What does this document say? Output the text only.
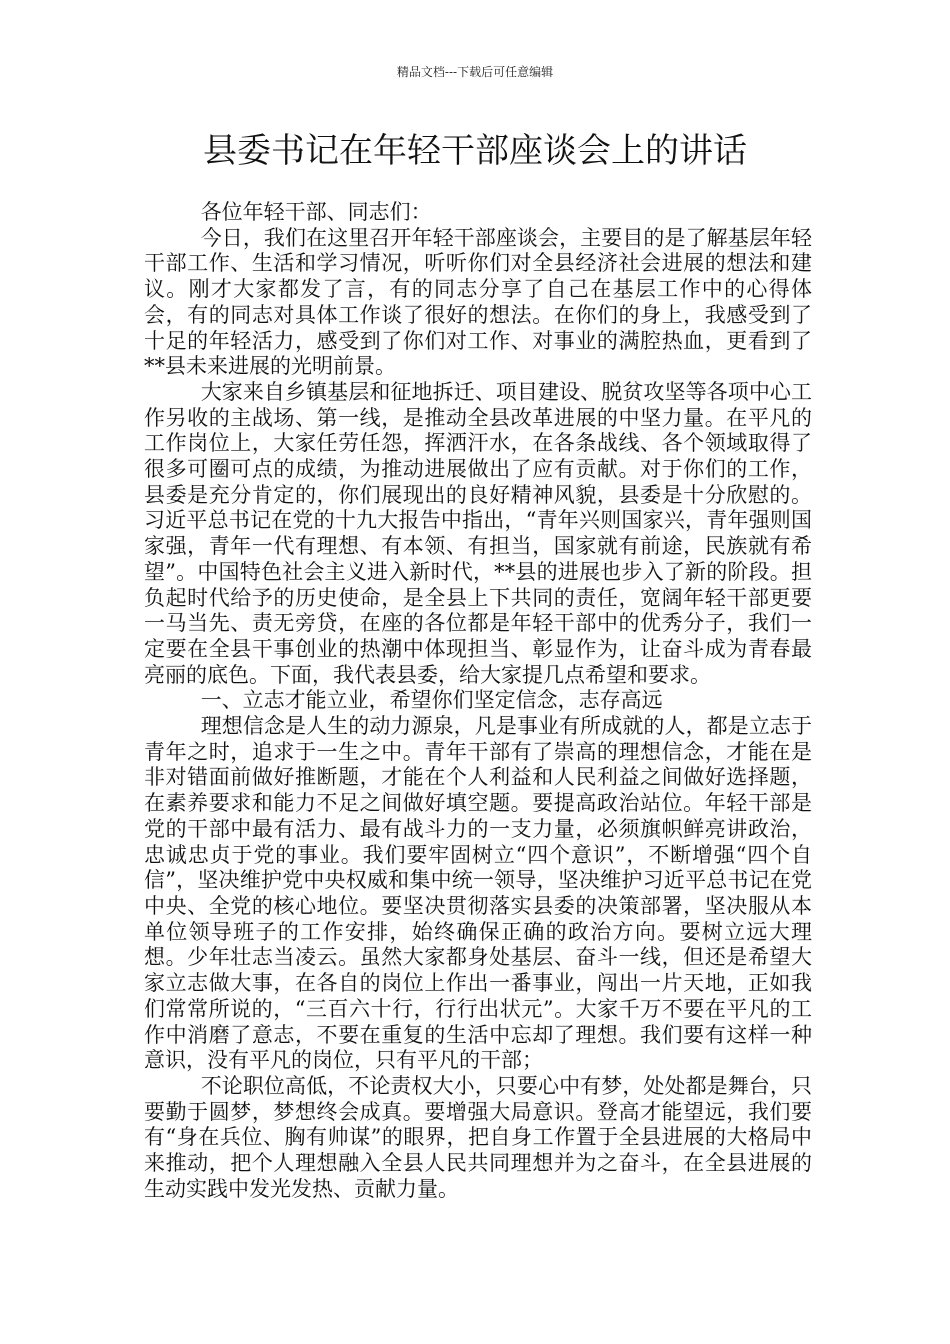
精品文档---下载后可任意编辑
县委书记在年轻干部座谈会上的讲话

各位年轻干部、同志们：

今日，我们在这里召开年轻干部座谈会，主要目的是了解基层年轻干部工作、生活和学习情况，听听你们对全县经济社会进展的想法和建议。刚才大家都发了言，有的同志分享了自己在基层工作中的心得体会，有的同志对具体工作谈了很好的想法。在你们的身上，我感受到了十足的年轻活力，感受到了你们对工作、对事业的满腔热血，更看到了**县未来进展的光明前景。

大家来自乡镇基层和征地拆迁、项目建设、脱贫攻坚等各项中心工作另收的主战场、第一线，是推动全县改革进展的中坚力量。在平凡的工作岗位上，大家任劳任怨，挥洒汗水，在各条战线、各个领域取得了很多可圈可点的成绩，为推动进展做出了应有贡献。对于你们的工作，县委是充分肯定的，你们展现出的良好精神风貌，县委是十分欣慰的。习近平总书记在党的十九大报告中指出，“青年兴则国家兴，青年强则国家强，青年一代有理想、有本领、有担当，国家就有前途，民族就有希望”。中国特色社会主义进入新时代，**县的进展也步入了新的阶段。担负起时代给予的历史使命，是全县上下共同的责任，宽阔年轻干部更要一马当先、责无旁贷，在座的各位都是年轻干部中的优秀分子，我们一定要在全县干事创业的热潮中体现担当、彰显作为，让奋斗成为青春最亮丽的底色。下面，我代表县委，给大家提几点希望和要求。

一、立志才能立业，希望你们坚定信念，志存高远

理想信念是人生的动力源泉，凡是事业有所成就的人，都是立志于青年之时，追求于一生之中。青年干部有了崇高的理想信念，才能在是非对错面前做好推断题，才能在个人利益和人民利益之间做好选择题，在素养要求和能力不足之间做好填空题。要提高政治站位。年轻干部是党的干部中最有活力、最有战斗力的一支力量，必须旗帜鲜亮讲政治，忠诚忠贞于党的事业。我们要牢固树立“四个意识”，不断增强“四个自信”，坚决维护党中央权威和集中统一领导，坚决维护习近平总书记在党中央、全党的核心地位。要坚决贯彻落实县委的决策部署，坚决服从本单位领导班子的工作安排，始终确保正确的政治方向。要树立远大理想。少年壮志当凌云。虽然大家都身处基层、奋斗一线，但还是希望大家立志做大事，在各自的岗位上作出一番事业，闯出一片天地，正如我们常常所说的，“三百六十行，行行出状元”。大家千万不要在平凡的工作中消磨了意志，不要在重复的生活中忘却了理想。我们要有这样一种意识，没有平凡的岗位，只有平凡的干部；

不论职位高低，不论责权大小，只要心中有梦，处处都是舞台，只要勤于圆梦，梦想终会成真。要增强大局意识。登高才能望远，我们要有“身在兵位、胸有帅谋”的眼界，把自身工作置于全县进展的大格局中来推动，把个人理想融入全县人民共同理想并为之奋斗，在全县进展的生动实践中发光发热、贡献力量。
